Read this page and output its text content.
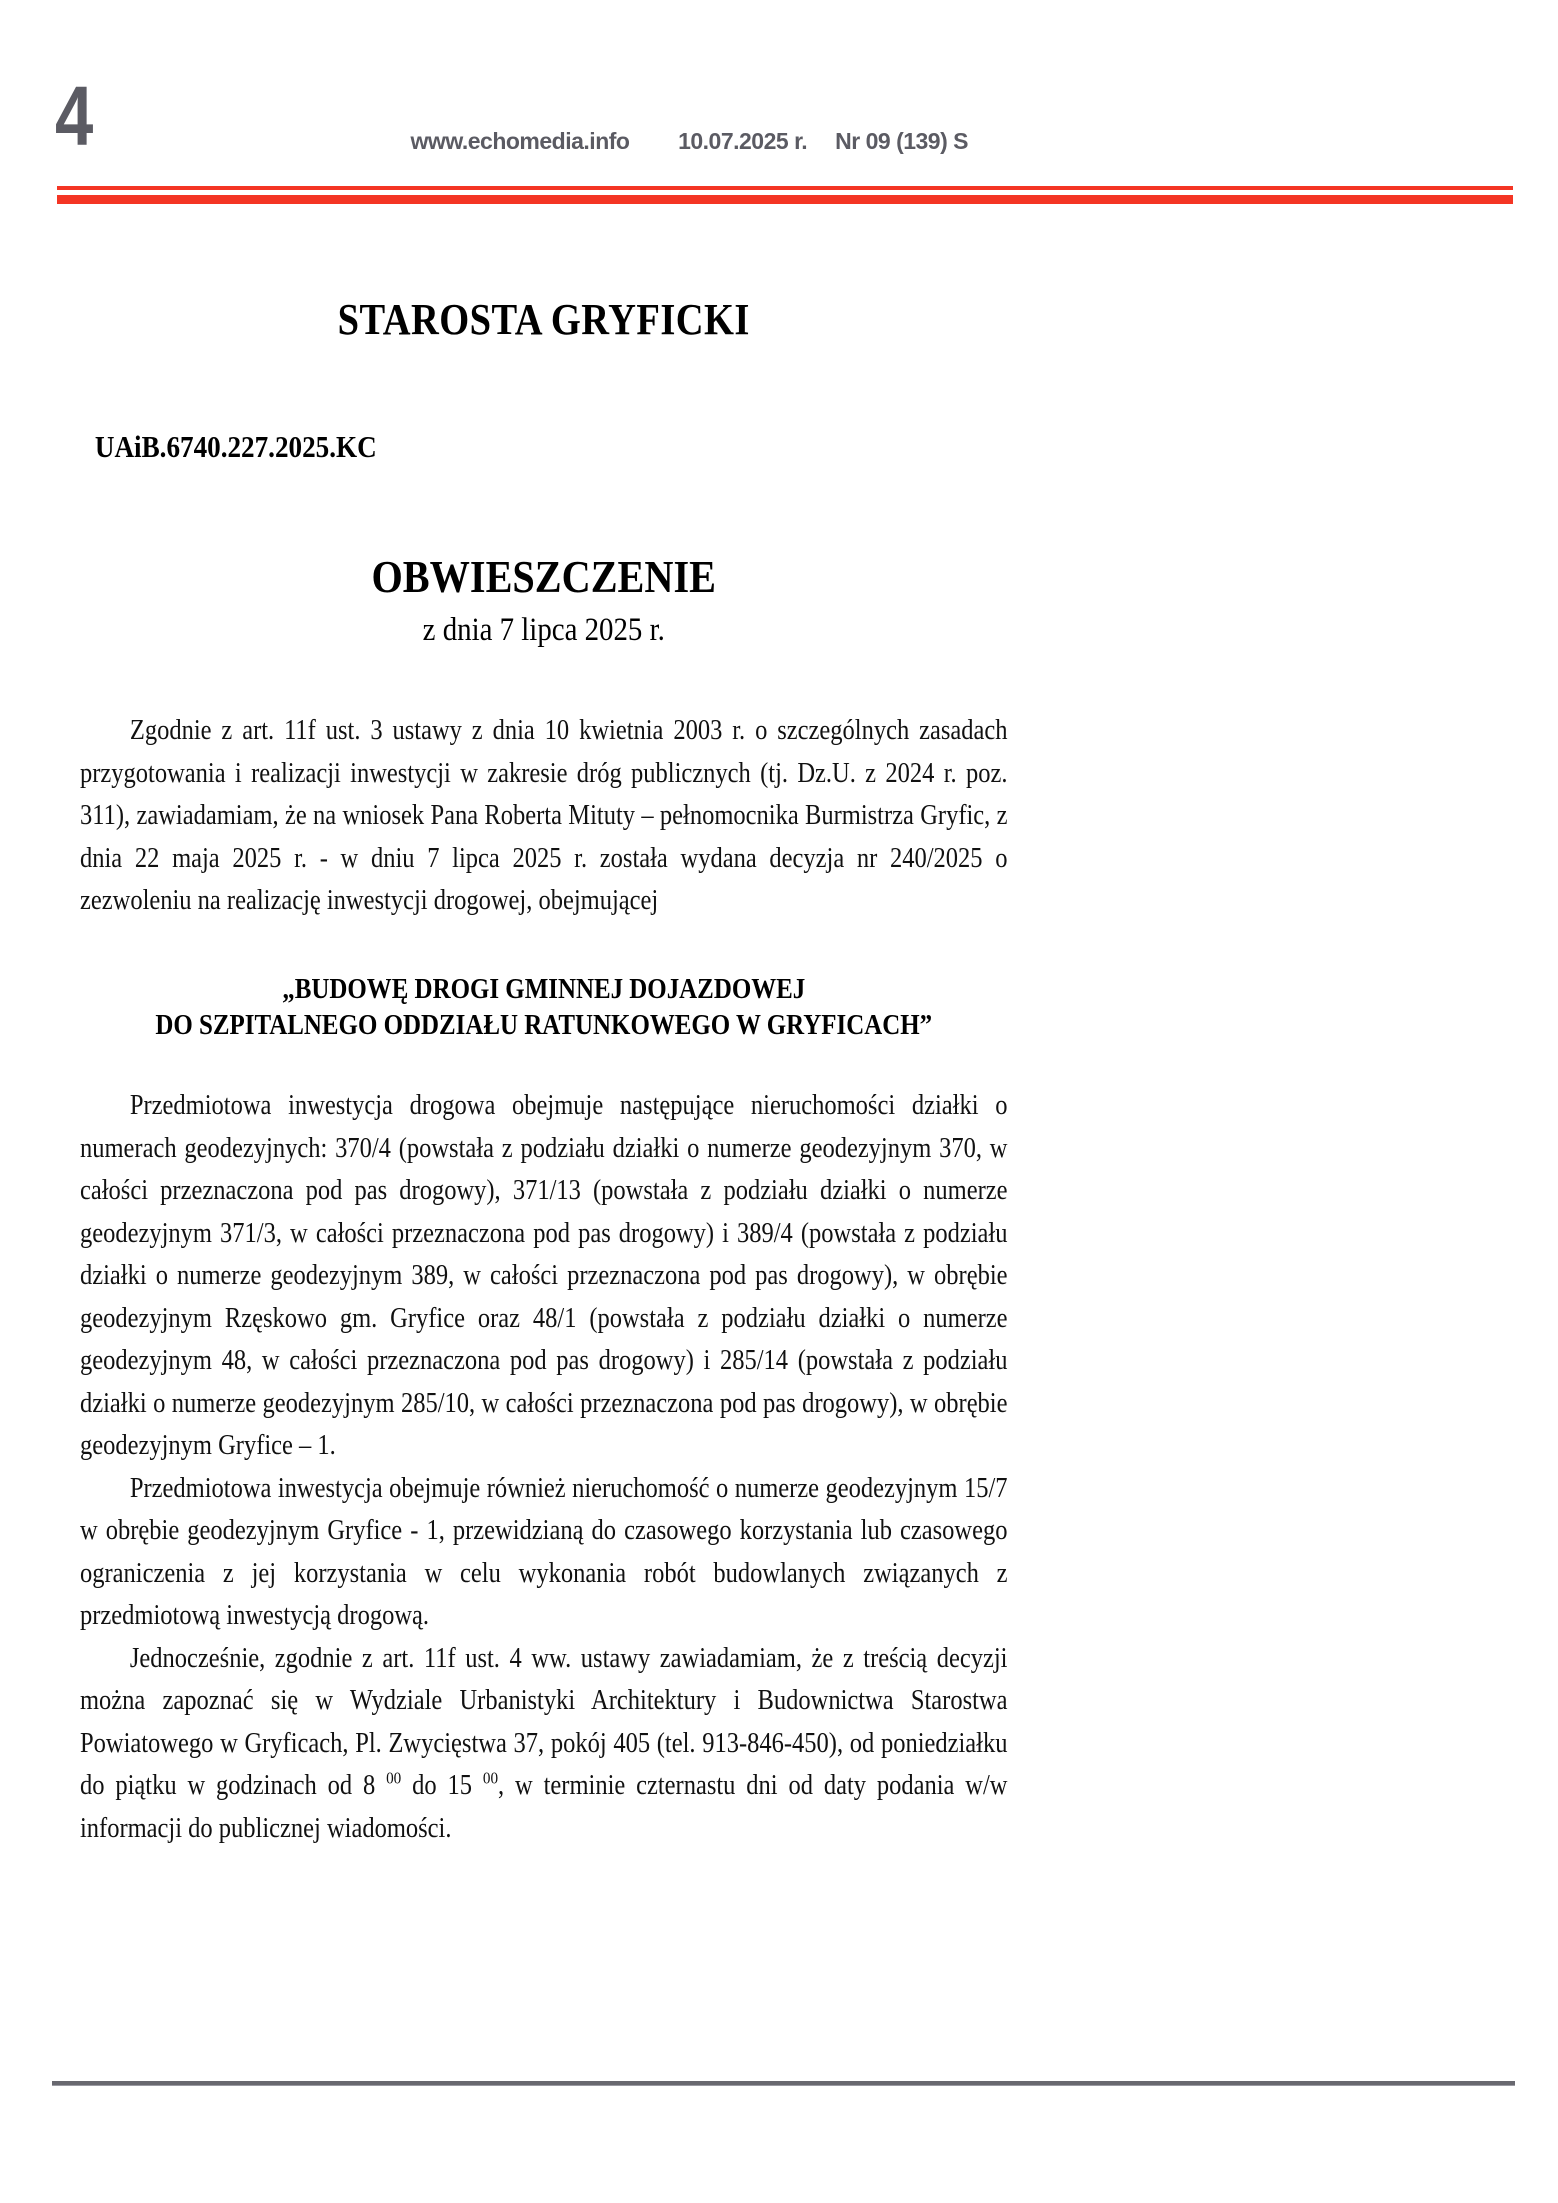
4	www.echomedia.info	10.07.2025 r. Nr 09 (139) S
STAROSTA GRYFICKI
UAiB.6740.227.2025.KC
OBWIESZCZENIE
z dnia 7 lipca 2025 r.

Zgodnie z art. 11f ust. 3 ustawy z dnia 10 kwietnia 2003 r. o szczególnych zasadach przygotowania i realizacji inwestycji w zakresie dróg publicznych (tj. Dz.U. z 2024 r. poz. 311), zawiadamiam, że na wniosek Pana Roberta Mituty – pełnomocnika Burmistrza Gryfic, z dnia 22 maja 2025 r. - w dniu 7 lipca 2025 r. została wydana decyzja nr 240/2025 o zezwoleniu na realizację inwestycji drogowej, obejmującej

„BUDOWĘ DROGI GMINNEJ DOJAZDOWEJ
DO SZPITALNEGO ODDZIAŁU RATUNKOWEGO W GRYFICACH”

Przedmiotowa inwestycja drogowa obejmuje następujące nieruchomości działki o numerach geodezyjnych: 370/4 (powstała z podziału działki o numerze geodezyjnym 370, w całości przeznaczona pod pas drogowy), 371/13 (powstała z podziału działki o numerze geodezyjnym 371/3, w całości przeznaczona pod pas drogowy) i 389/4 (powstała z podziału działki o numerze geodezyjnym 389, w całości przeznaczona pod pas drogowy), w obrębie geodezyjnym Rzęskowo gm. Gryfice oraz 48/1 (powstała z podziału działki o numerze geodezyjnym 48, w całości przeznaczona pod pas drogowy) i 285/14 (powstała z podziału działki o numerze geodezyjnym 285/10, w całości przeznaczona pod pas drogowy), w obrębie geodezyjnym Gryfice – 1.

Przedmiotowa inwestycja obejmuje również nieruchomość o numerze geodezyjnym 15/7 w obrębie geodezyjnym Gryfice - 1, przewidzianą do czasowego korzystania lub czasowego ograniczenia z jej korzystania w celu wykonania robót budowlanych związanych z przedmiotową inwestycją drogową.

Jednocześnie, zgodnie z art. 11f ust. 4 ww. ustawy zawiadamiam, że z treścią decyzji można zapoznać się w Wydziale Urbanistyki Architektury i Budownictwa Starostwa Powiatowego w Gryficach, Pl. Zwycięstwa 37, pokój 405 (tel. 913-846-450), od poniedziałku do piątku w godzinach od 8 $^{00}$ do 15 $^{00}$, w terminie czternastu dni od daty podania w/w informacji do publicznej wiadomości.
